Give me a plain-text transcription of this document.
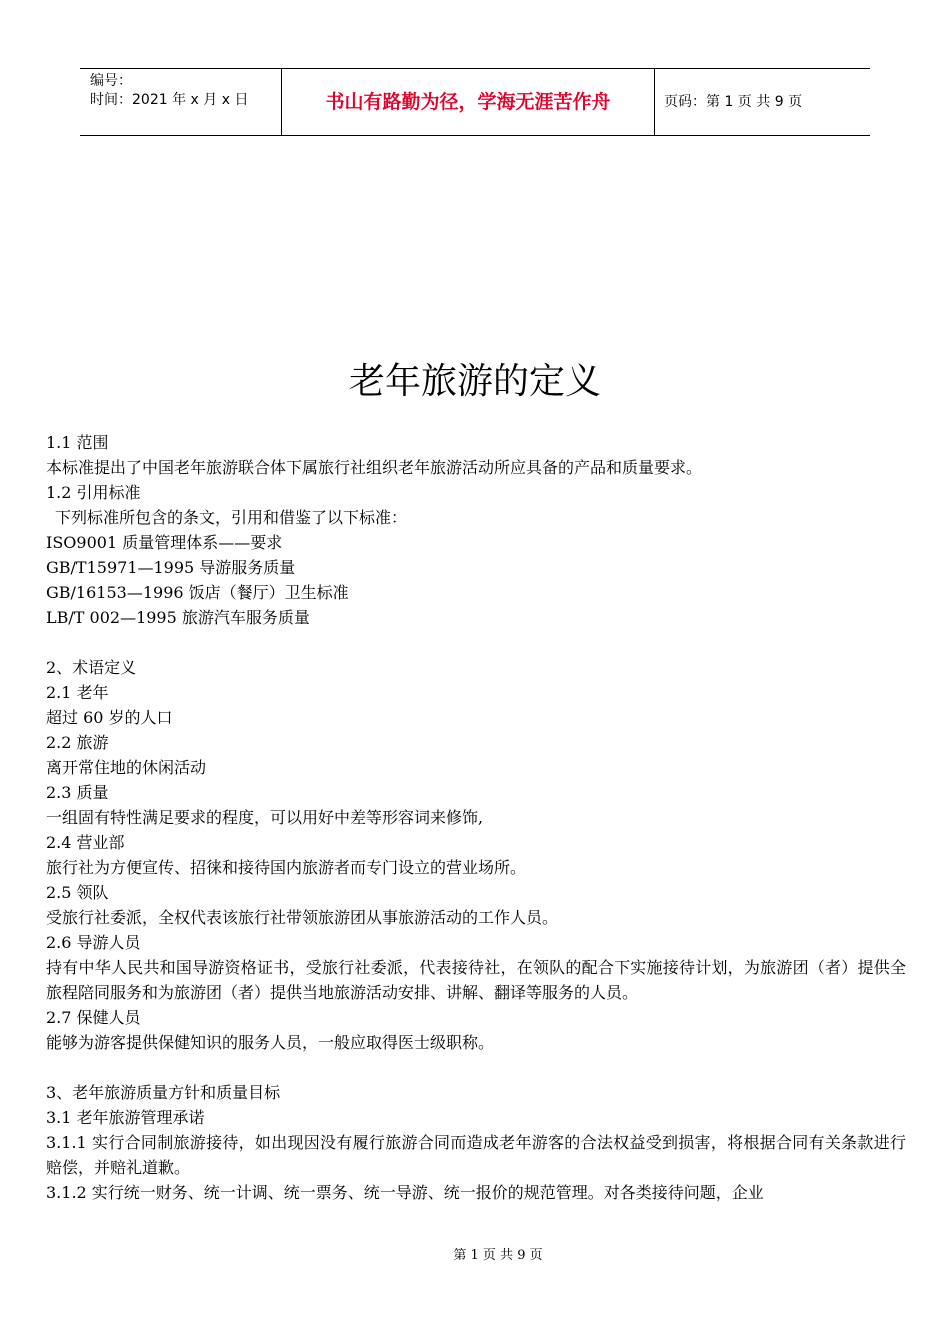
编号：
时间：2021 年 x 月 x 日	书山有路勤为径，学海无涯苦作舟	页码：第 1 页 共 9 页
老年旅游的定义

1.1 范围

本标准提出了中国老年旅游联合体下属旅行社组织老年旅游活动所应具备的产品和质量要求。

1.2 引用标准

下列标准所包含的条文，引用和借鉴了以下标准：

ISO9001 质量管理体系——要求

GB/T15971—1995 导游服务质量

GB/16153—1996 饭店（餐厅）卫生标准

LB/T 002—1995 旅游汽车服务质量

2、术语定义

2.1 老年

超过 60 岁的人口

2.2 旅游

离开常住地的休闲活动

2.3 质量

一组固有特性满足要求的程度，可以用好中差等形容词来修饰,

2.4 营业部

旅行社为方便宣传、招徕和接待国内旅游者而专门设立的营业场所。

2.5 领队

受旅行社委派，全权代表该旅行社带领旅游团从事旅游活动的工作人员。

2.6 导游人员

持有中华人民共和国导游资格证书，受旅行社委派，代表接待社，在领队的配合下实施接待计划，为旅游团（者）提供全旅程陪同服务和为旅游团（者）提供当地旅游活动安排、讲解、翻译等服务的人员。

2.7 保健人员

能够为游客提供保健知识的服务人员，一般应取得医士级职称。

3、老年旅游质量方针和质量目标

3.1 老年旅游管理承诺

3.1.1 实行合同制旅游接待，如出现因没有履行旅游合同而造成老年游客的合法权益受到损害，将根据合同有关条款进行赔偿，并赔礼道歉。

3.1.2 实行统一财务、统一计调、统一票务、统一导游、统一报价的规范管理。对各类接待问题，企业

第 1 页 共 9 页
